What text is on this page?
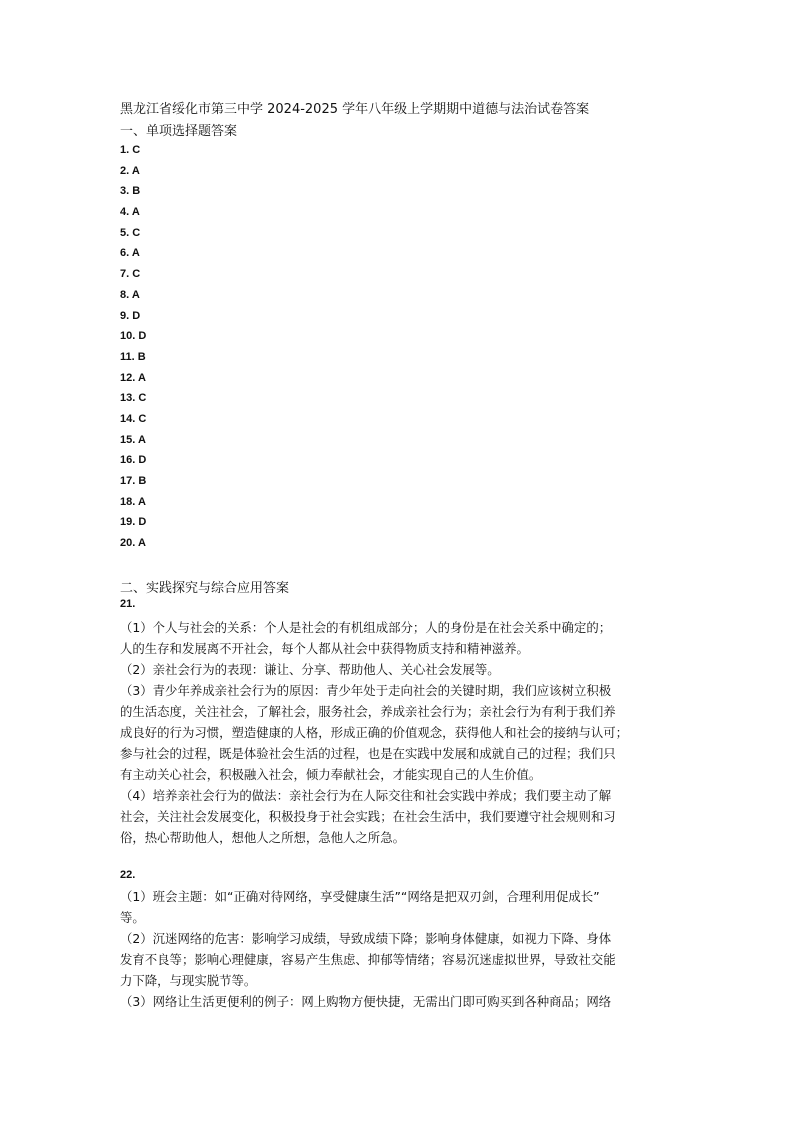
黑龙江省绥化市第三中学 2024-2025 学年八年级上学期期中道德与法治试卷答案
一、单项选择题答案
1. C
2. A
3. B
4. A
5. C
6. A
7. C
8. A
9. D
10. D
11. B
12. A
13. C
14. C
15. A
16. D
17. B
18. A
19. D
20. A
二、实践探究与综合应用答案
21.
（1）个人与社会的关系：个人是社会的有机组成部分；人的身份是在社会关系中确定的；
人的生存和发展离不开社会，每个人都从社会中获得物质支持和精神滋养。
（2）亲社会行为的表现：谦让、分享、帮助他人、关心社会发展等。
（3）青少年养成亲社会行为的原因：青少年处于走向社会的关键时期，我们应该树立积极
的生活态度，关注社会，了解社会，服务社会，养成亲社会行为；亲社会行为有利于我们养
成良好的行为习惯，塑造健康的人格，形成正确的价值观念，获得他人和社会的接纳与认可；
参与社会的过程，既是体验社会生活的过程，也是在实践中发展和成就自己的过程；我们只
有主动关心社会，积极融入社会，倾力奉献社会，才能实现自己的人生价值。
（4）培养亲社会行为的做法：亲社会行为在人际交往和社会实践中养成；我们要主动了解
社会，关注社会发展变化，积极投身于社会实践；在社会生活中，我们要遵守社会规则和习
俗，热心帮助他人，想他人之所想，急他人之所急。
22.
（1）班会主题：如“正确对待网络，享受健康生活”“网络是把双刃剑，合理利用促成长”
等。
（2）沉迷网络的危害：影响学习成绩，导致成绩下降；影响身体健康，如视力下降、身体
发育不良等；影响心理健康，容易产生焦虑、抑郁等情绪；容易沉迷虚拟世界，导致社交能
力下降，与现实脱节等。
（3）网络让生活更便利的例子：网上购物方便快捷，无需出门即可购买到各种商品；网络
